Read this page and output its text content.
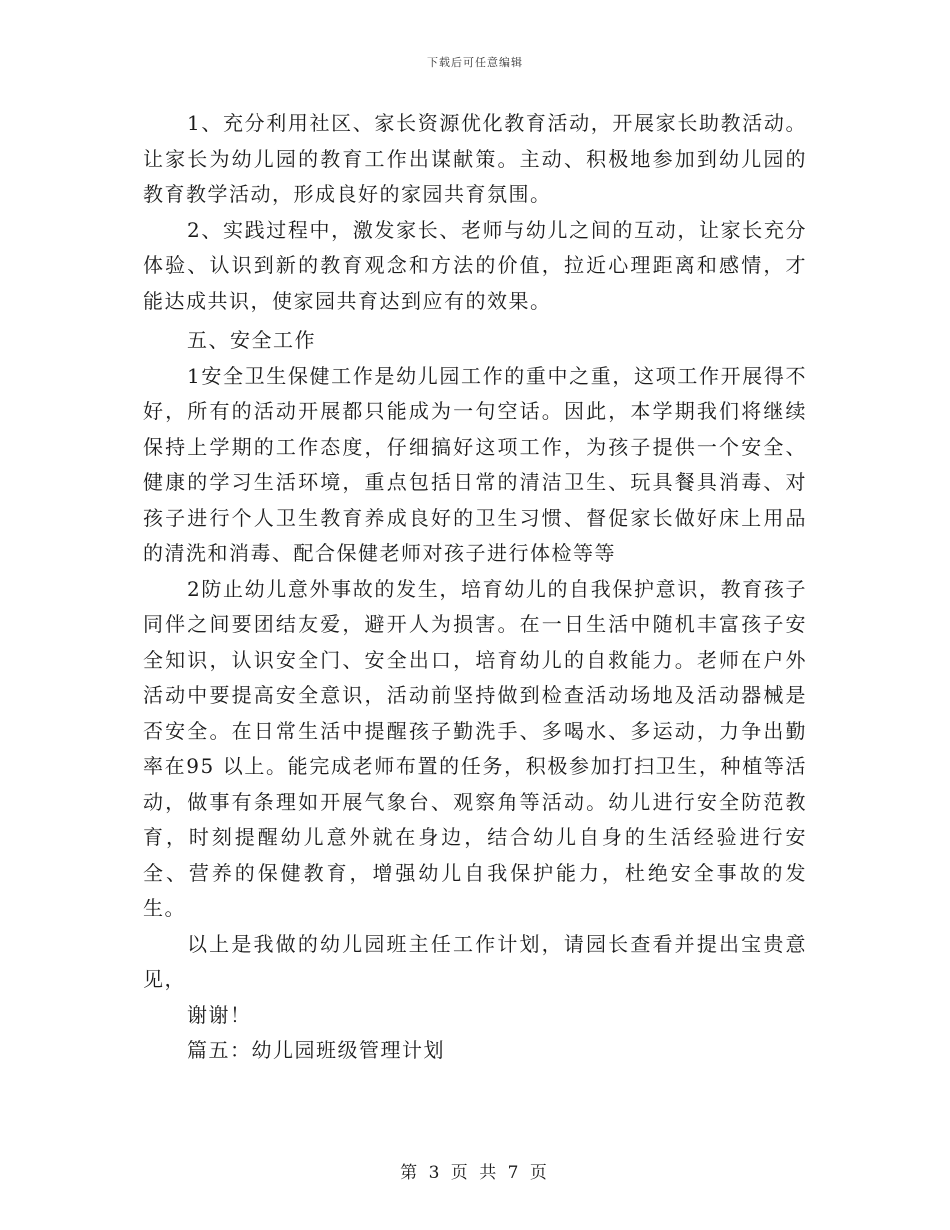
下载后可任意编辑

1、充分利用社区、家长资源优化教育活动，开展家长助教活动。让家长为幼儿园的教育工作出谋献策。主动、积极地参加到幼儿园的教育教学活动，形成良好的家园共育氛围。

2、实践过程中，激发家长、老师与幼儿之间的互动，让家长充分体验、认识到新的教育观念和方法的价值，拉近心理距离和感情，才能达成共识，使家园共育达到应有的效果。

五、安全工作

1安全卫生保健工作是幼儿园工作的重中之重，这项工作开展得不好，所有的活动开展都只能成为一句空话。因此，本学期我们将继续保持上学期的工作态度，仔细搞好这项工作，为孩子提供一个安全、健康的学习生活环境，重点包括日常的清洁卫生、玩具餐具消毒、对孩子进行个人卫生教育养成良好的卫生习惯、督促家长做好床上用品的清洗和消毒、配合保健老师对孩子进行体检等等

2防止幼儿意外事故的发生，培育幼儿的自我保护意识，教育孩子同伴之间要团结友爱，避开人为损害。在一日生活中随机丰富孩子安全知识，认识安全门、安全出口，培育幼儿的自救能力。老师在户外活动中要提高安全意识，活动前坚持做到检查活动场地及活动器械是否安全。在日常生活中提醒孩子勤洗手、多喝水、多运动，力争出勤率在95 以上。能完成老师布置的任务，积极参加打扫卫生，种植等活动，做事有条理如开展气象台、观察角等活动。幼儿进行安全防范教育，时刻提醒幼儿意外就在身边，结合幼儿自身的生活经验进行安全、营养的保健教育，增强幼儿自我保护能力，杜绝安全事故的发生。

以上是我做的幼儿园班主任工作计划，请园长查看并提出宝贵意见，

谢谢！

篇五：幼儿园班级管理计划

第 3 页 共 7 页
